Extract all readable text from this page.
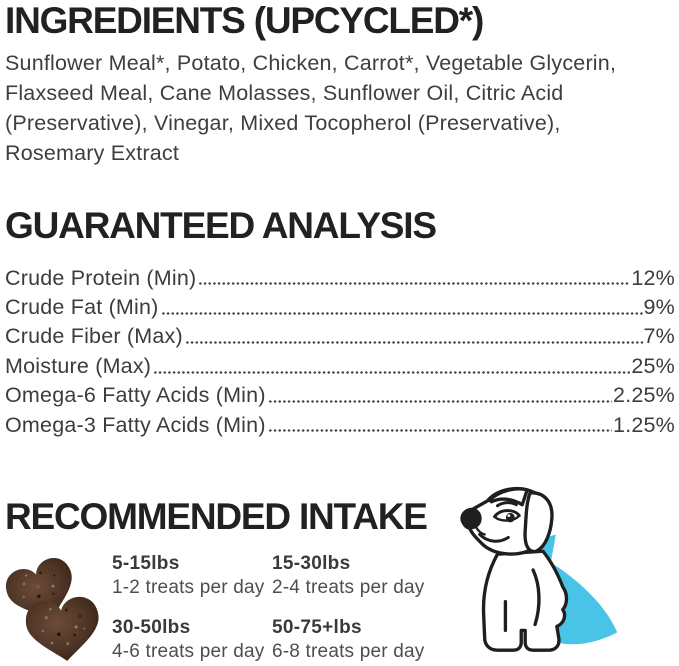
INGREDIENTS (UPCYCLED*)
Sunflower Meal*, Potato, Chicken, Carrot*, Vegetable Glycerin,
Flaxseed Meal, Cane Molasses, Sunflower Oil, Citric Acid
(Preservative), Vinegar, Mixed Tocopherol (Preservative),
Rosemary Extract
GUARANTEED ANALYSIS
Crude Protein (Min)	12%
Crude Fat (Min)	9%
Crude Fiber (Max)	7%
Moisture (Max)	25%
Omega-6 Fatty Acids (Min)	2.25%
Omega-3 Fatty Acids (Min)	1.25%
RECOMMENDED INTAKE
5-15lbs
1-2 treats per day
15-30lbs
2-4 treats per day
30-50lbs
4-6 treats per day
50-75+lbs
6-8 treats per day
